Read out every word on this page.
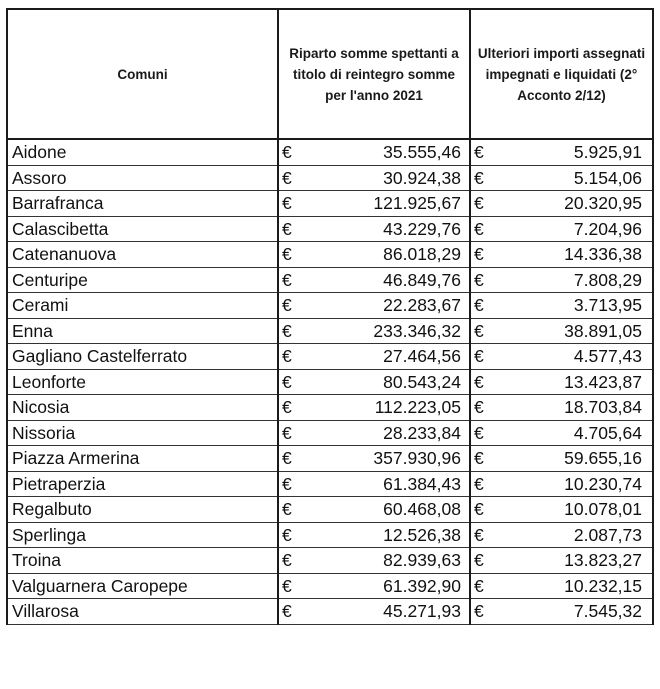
Comuni	Riparto somme spettanti a titolo di reintegro somme per l'anno 2021		Ulteriori importi assegnati impegnati e liquidati (2° Acconto 2/12)	
Aidone	€	35.555,46	€	5.925,91
Assoro	€	30.924,38	€	5.154,06
Barrafranca	€	121.925,67	€	20.320,95
Calascibetta	€	43.229,76	€	7.204,96
Catenanuova	€	86.018,29	€	14.336,38
Centuripe	€	46.849,76	€	7.808,29
Cerami	€	22.283,67	€	3.713,95
Enna	€	233.346,32	€	38.891,05
Gagliano Castelferrato	€	27.464,56	€	4.577,43
Leonforte	€	80.543,24	€	13.423,87
Nicosia	€	112.223,05	€	18.703,84
Nissoria	€	28.233,84	€	4.705,64
Piazza Armerina	€	357.930,96	€	59.655,16
Pietraperzia	€	61.384,43	€	10.230,74
Regalbuto	€	60.468,08	€	10.078,01
Sperlinga	€	12.526,38	€	2.087,73
Troina	€	82.939,63	€	13.823,27
Valguarnera Caropepe	€	61.392,90	€	10.232,15
Villarosa	€	45.271,93	€	7.545,32
